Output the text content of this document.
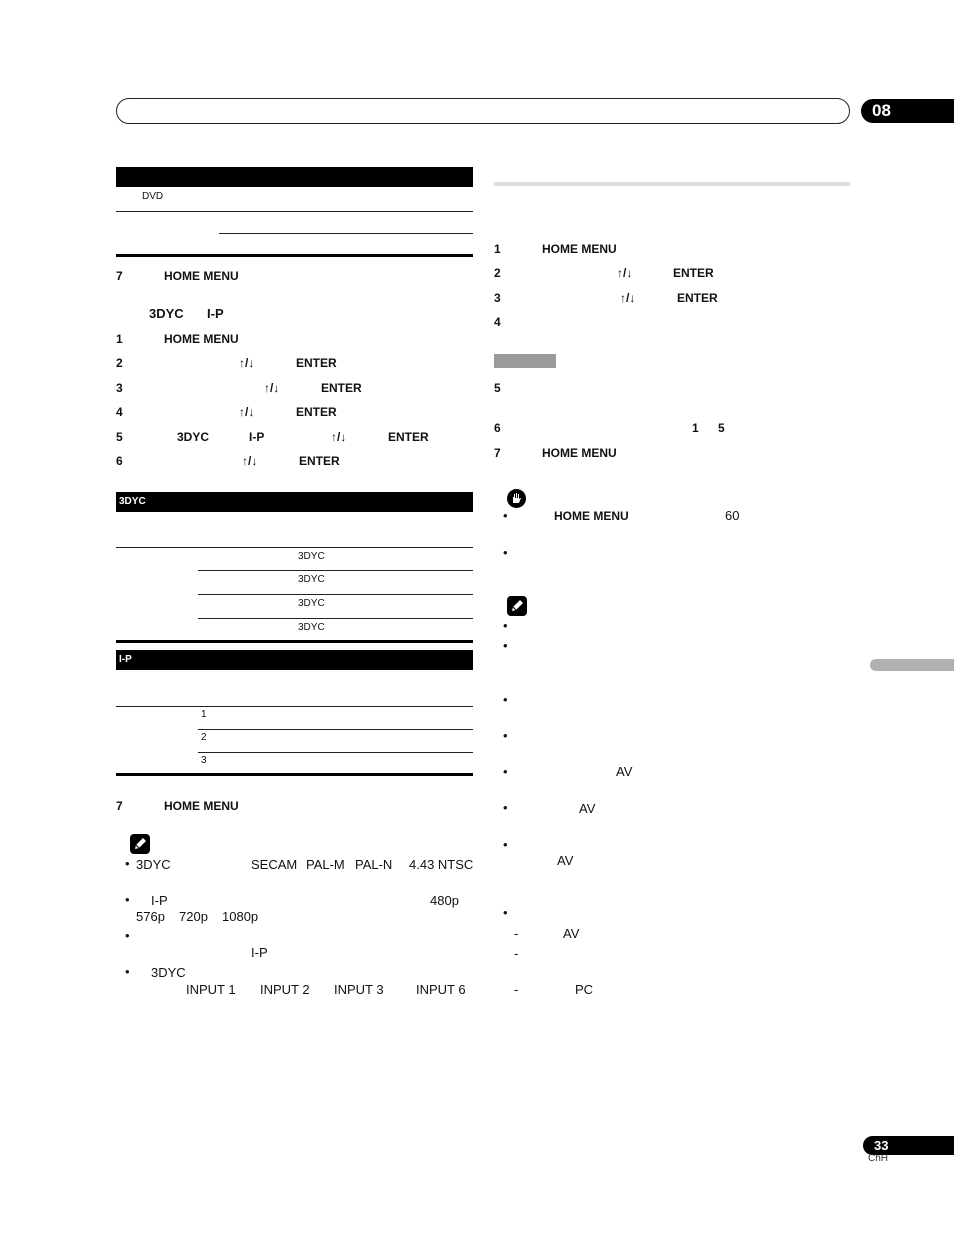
08
DVD
7	HOME MENU
3DYC I-P
1	HOME MENU
2	↑/↓	ENTER
3	↑/↓	ENTER
4	↑/↓	ENTER
5	3DYC	I-P	↑/↓	ENTER
6	↑/↓	ENTER
3DYC
3DYC
3DYC
3DYC
3DYC
I-P
1
2
3
7	HOME MENU
• 3DYC	SECAM PAL-M PAL-N 4.43 NTSC
• I-P	480p
576p 720p 1080p
•
I-P
• 3DYC
INPUT 1 INPUT 2 INPUT 3 INPUT 6
1	HOME MENU
2	↑/↓	ENTER
3	↑/↓	ENTER
4
5
6	1 5
7	HOME MENU
•	HOME MENU	60
•
•
•
•
•
•	AV
•	AV
•
AV
•
-	AV
-
-	PC
33
ChH
